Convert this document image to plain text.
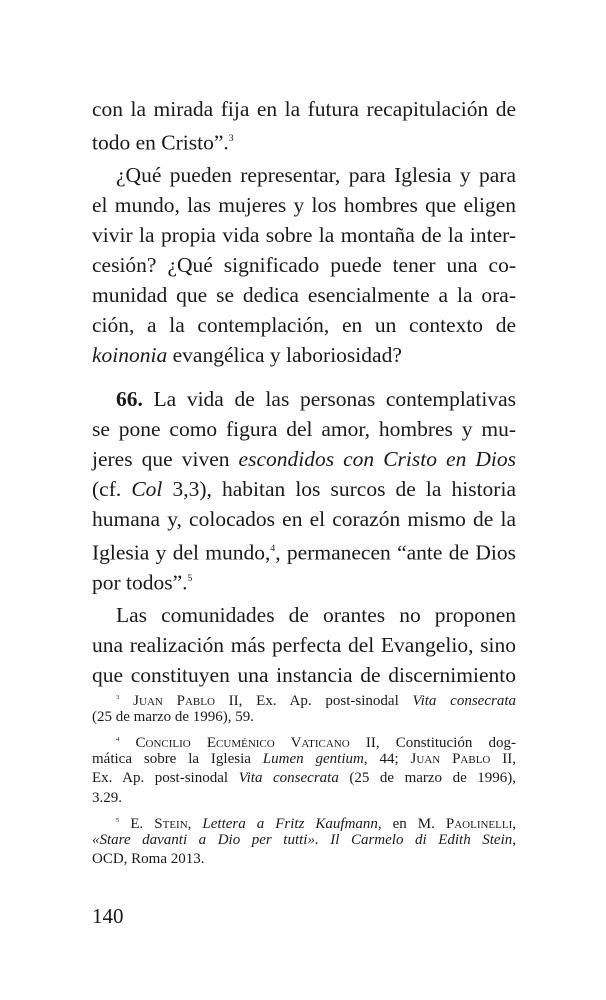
con la mirada fija en la futura recapitulación de
todo en Cristo”.$^3$
¿Qué pueden representar, para Iglesia y para
el mundo, las mujeres y los hombres que eligen
vivir la propia vida sobre la montaña de la inter-
cesión? ¿Qué significado puede tener una co-
munidad que se dedica esencialmente a la ora-
ción, a la contemplación, en un contexto de
koinonia evangélica y laboriosidad?
66. La vida de las personas contemplativas
se pone como figura del amor, hombres y mu-
jeres que viven escondidos con Cristo en Dios
(cf. Col 3,3), habitan los surcos de la historia
humana y, colocados en el corazón mismo de la
Iglesia y del mundo,$^4$, permanecen “ante de Dios
por todos”.$^5$
Las comunidades de orantes no proponen
una realización más perfecta del Evangelio, sino
que constituyen una instancia de discernimiento
$^3$ Juan Pablo II, Ex. Ap. post-sinodal Vita consecrata
(25 de marzo de 1996), 59.
$^4$ Concilio Ecuménico Vaticano II, Constitución dog-
mática sobre la Iglesia Lumen gentium, 44; Juan Pablo II,
Ex. Ap. post-sinodal Vita consecrata (25 de marzo de 1996),
3.29.
$^5$ E. Stein, Lettera a Fritz Kaufmann, en M. Paolinelli,
«Stare davanti a Dio per tutti». Il Carmelo di Edith Stein,
OCD, Roma 2013.
140
